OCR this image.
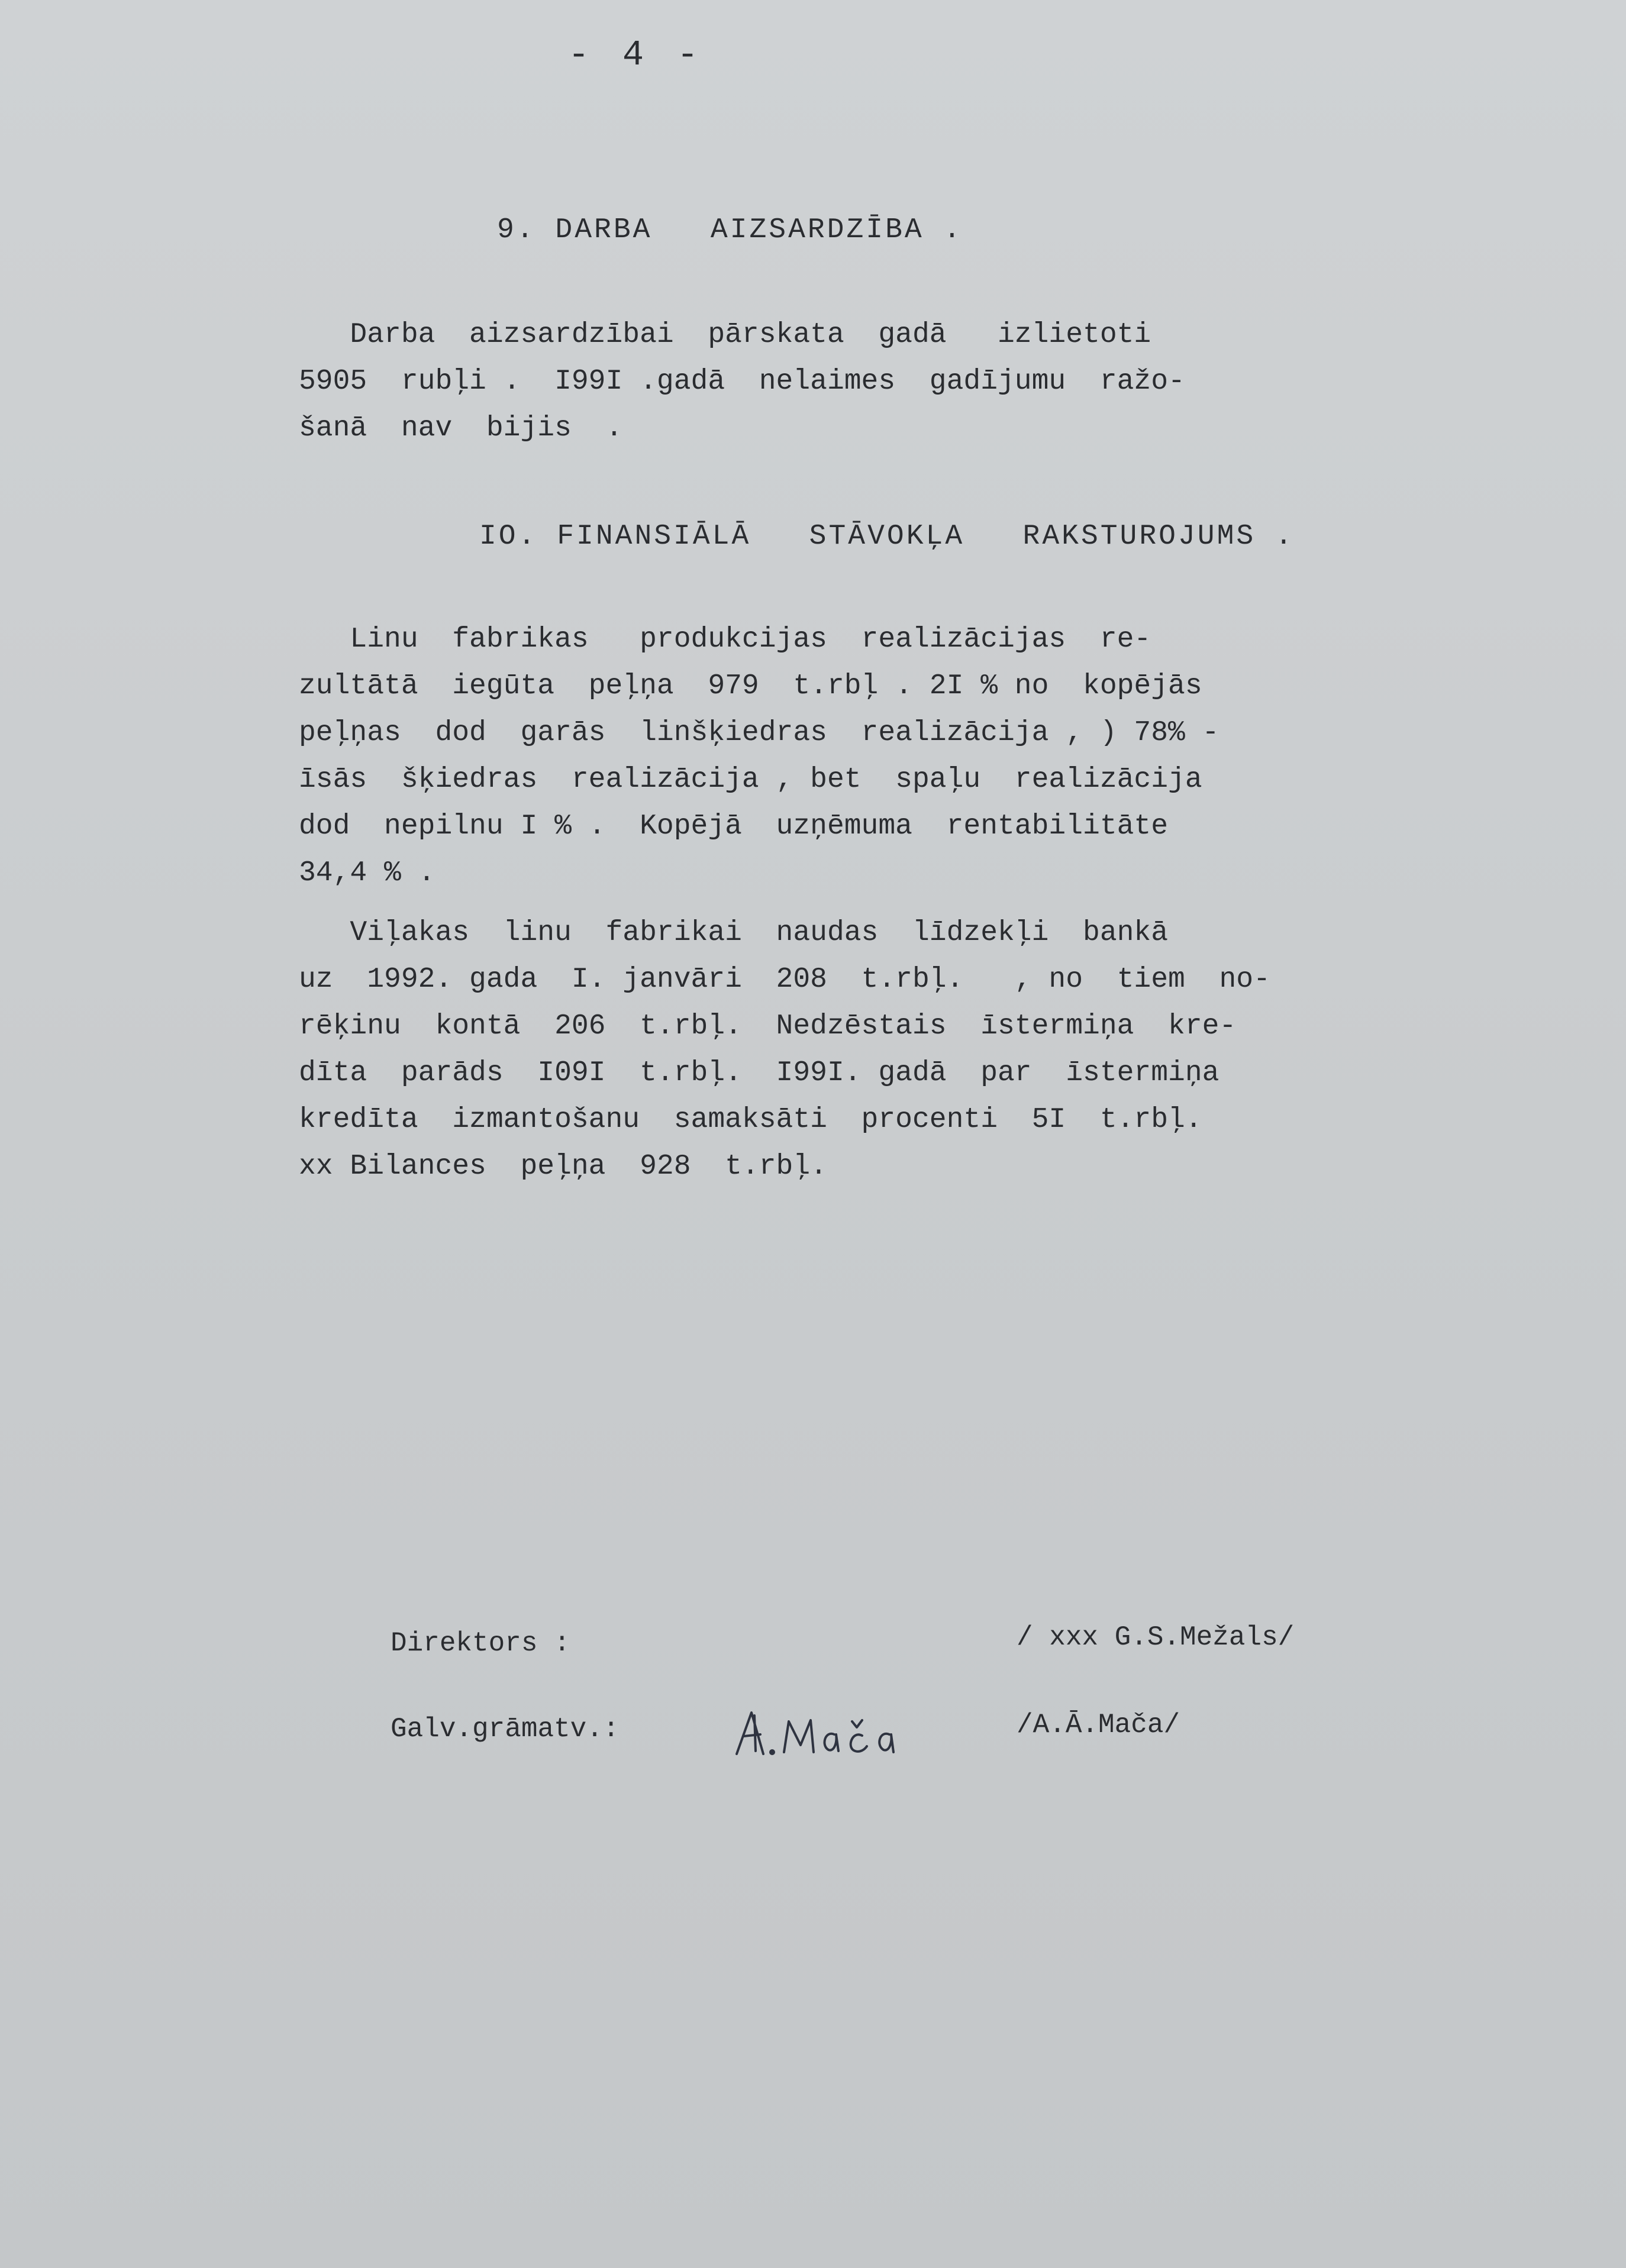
- 4 -
9. DARBA   AIZSARDZĪBA .
Darba  aizsardzībai  pārskata  gadā   izlietoti
5905  rubļi .  I99I .gadā  nelaimes  gadījumu  ražo-
šanā  nav  bijis  .
IO. FINANSIĀLĀ   STĀVOKĻA   RAKSTUROJUMS .
Linu  fabrikas   produkcijas  realizācijas  re-
zultātā  iegūta  peļņa  979  t.rbļ . 2I % no  kopējās
peļņas  dod  garās  linšķiedras  realizācija , ) 78% -
īsās  šķiedras  realizācija , bet  spaļu  realizācija
dod  nepilnu I % .  Kopējā  uzņēmuma  rentabilitāte
34,4 % .
Viļakas  linu  fabrikai  naudas  līdzekļi  bankā
uz  1992. gada  I. janvāri  208  t.rbļ.   , no  tiem  no-
rēķinu  kontā  206  t.rbļ.  Nedzēstais  īstermiņa  kre-
dīta  parāds  I09I  t.rbļ.  I99I. gadā  par  īstermiņa
kredīta  izmantošanu  samaksāti  procenti  5I  t.rbļ.
xx Bilances  peļņa  928  t.rbļ.
Direktors :	/ xxx G.S.Mežals/
Galv.grāmatv.:	/A.Ā.Mača/
